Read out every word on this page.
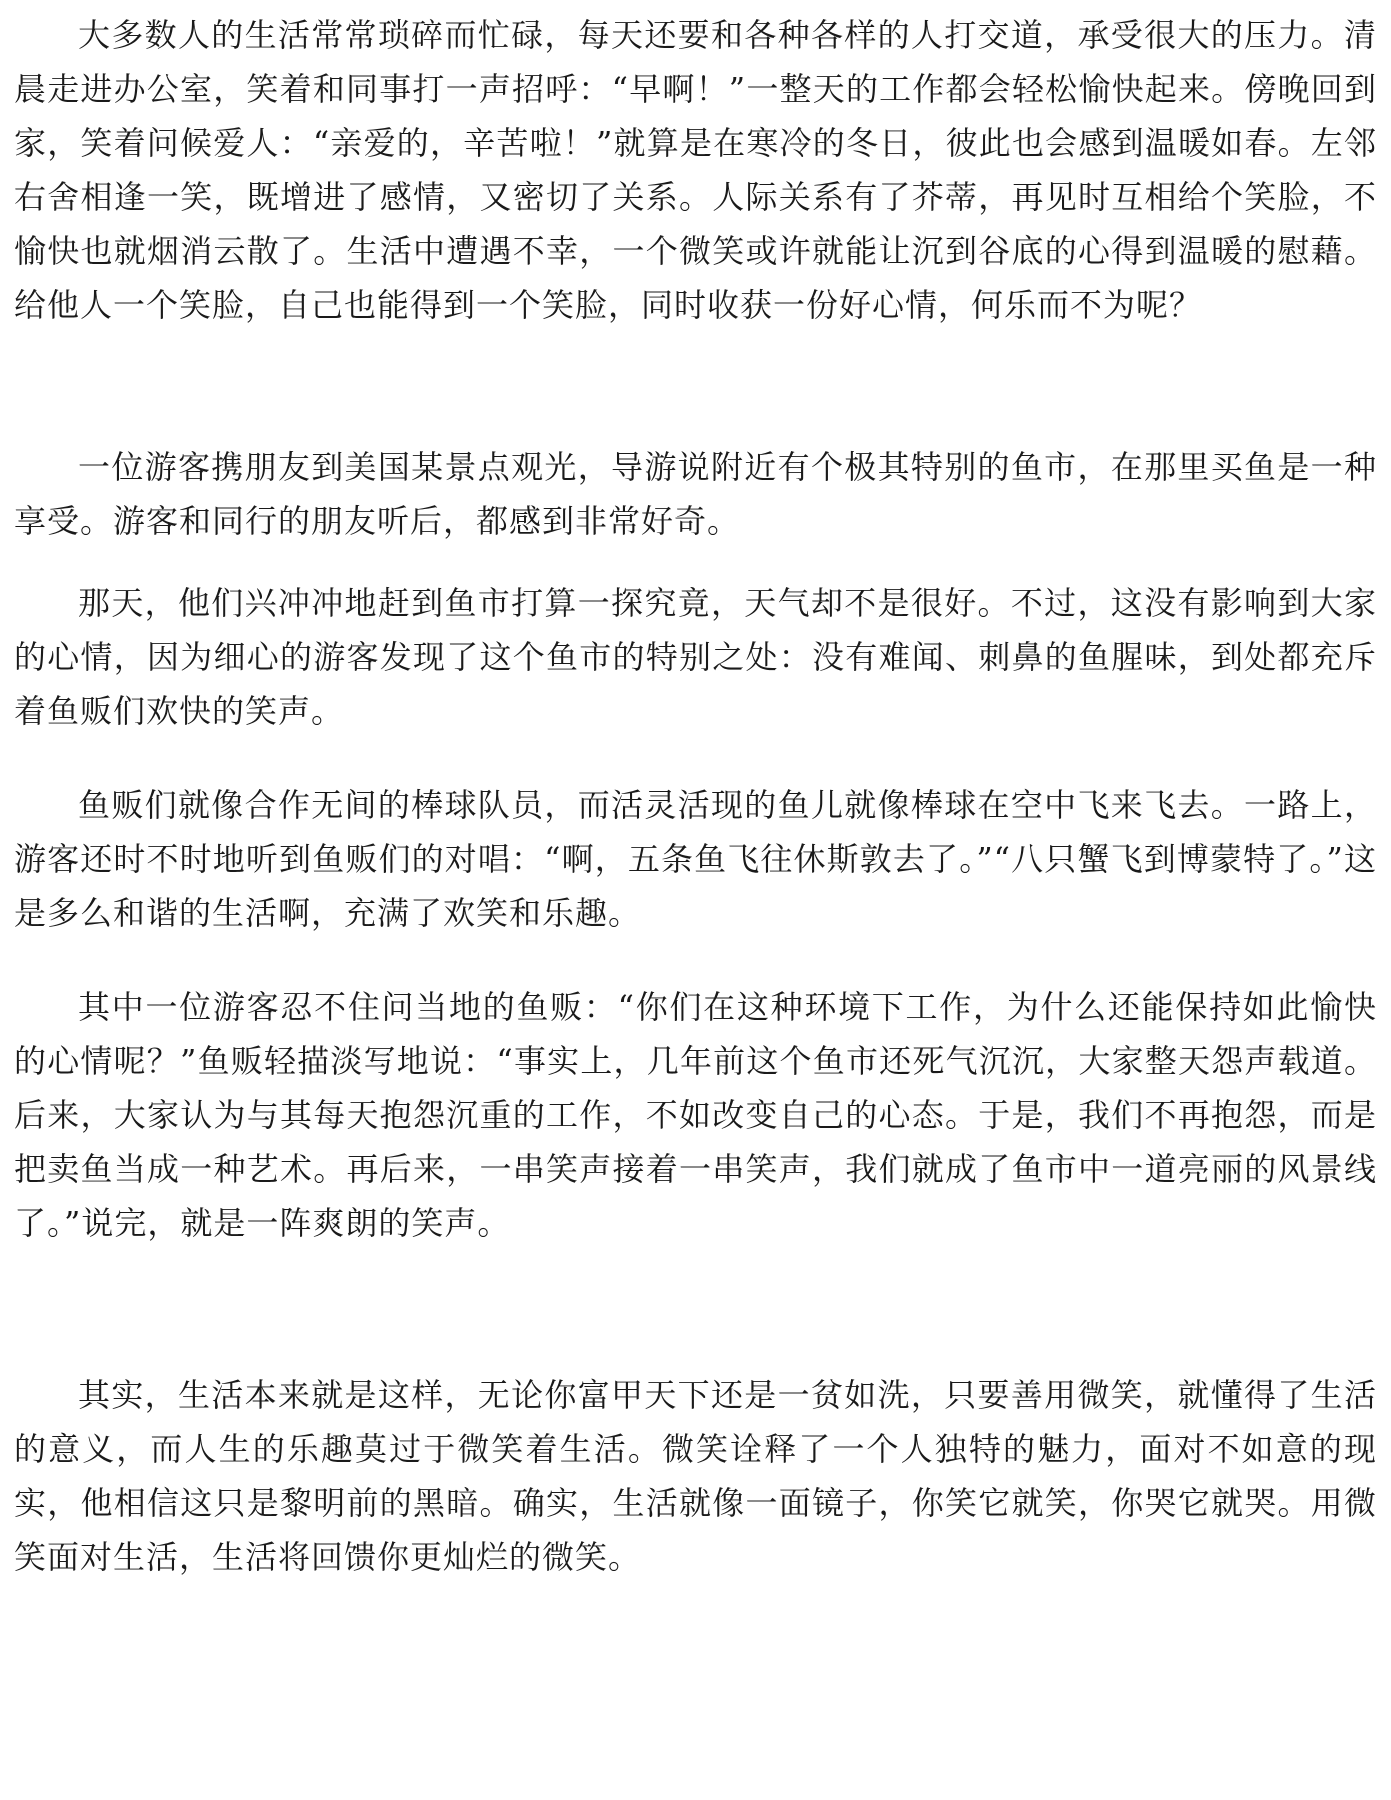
大多数人的生活常常琐碎而忙碌，每天还要和各种各样的人打交道，承受很大的压力。清晨走进办公室，笑着和同事打一声招呼：“早啊！”一整天的工作都会轻松愉快起来。傍晚回到家，笑着问候爱人：“亲爱的，辛苦啦！”就算是在寒冷的冬日，彼此也会感到温暖如春。左邻右舍相逢一笑，既增进了感情，又密切了关系。人际关系有了芥蒂，再见时互相给个笑脸，不愉快也就烟消云散了。生活中遭遇不幸，一个微笑或许就能让沉到谷底的心得到温暖的慰藉。给他人一个笑脸，自己也能得到一个笑脸，同时收获一份好心情，何乐而不为呢？

一位游客携朋友到美国某景点观光，导游说附近有个极其特别的鱼市，在那里买鱼是一种享受。游客和同行的朋友听后，都感到非常好奇。

那天，他们兴冲冲地赶到鱼市打算一探究竟，天气却不是很好。不过，这没有影响到大家的心情，因为细心的游客发现了这个鱼市的特别之处：没有难闻、刺鼻的鱼腥味，到处都充斥着鱼贩们欢快的笑声。

鱼贩们就像合作无间的棒球队员，而活灵活现的鱼儿就像棒球在空中飞来飞去。一路上，游客还时不时地听到鱼贩们的对唱：“啊，五条鱼飞往休斯敦去了。”“八只蟹飞到博蒙特了。”这是多么和谐的生活啊，充满了欢笑和乐趣。

其中一位游客忍不住问当地的鱼贩：“你们在这种环境下工作，为什么还能保持如此愉快的心情呢？”鱼贩轻描淡写地说：“事实上，几年前这个鱼市还死气沉沉，大家整天怨声载道。后来，大家认为与其每天抱怨沉重的工作，不如改变自己的心态。于是，我们不再抱怨，而是把卖鱼当成一种艺术。再后来，一串笑声接着一串笑声，我们就成了鱼市中一道亮丽的风景线了。”说完，就是一阵爽朗的笑声。

其实，生活本来就是这样，无论你富甲天下还是一贫如洗，只要善用微笑，就懂得了生活的意义，而人生的乐趣莫过于微笑着生活。微笑诠释了一个人独特的魅力，面对不如意的现实，他相信这只是黎明前的黑暗。确实，生活就像一面镜子，你笑它就笑，你哭它就哭。用微笑面对生活，生活将回馈你更灿烂的微笑。
